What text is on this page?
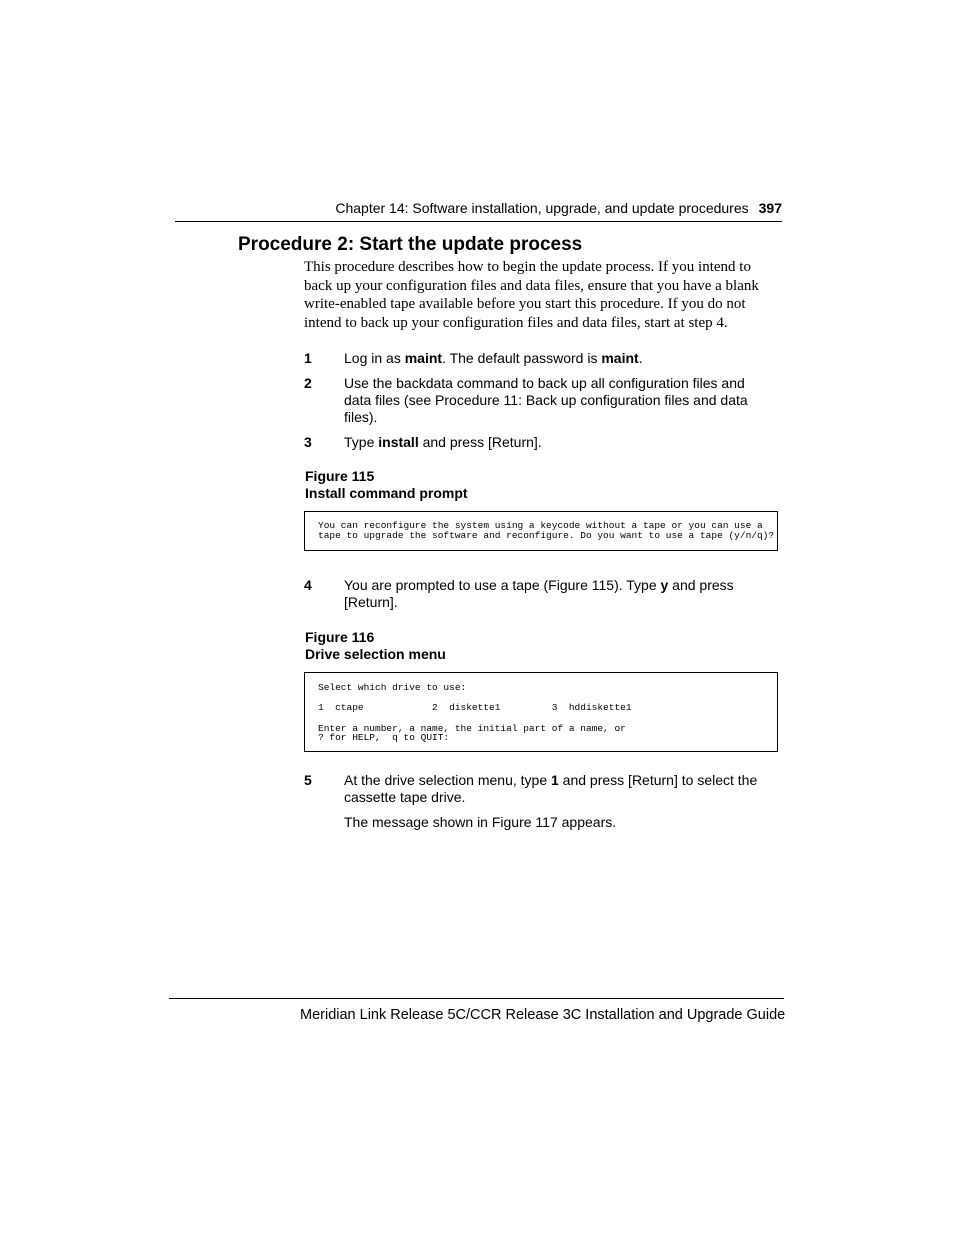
Chapter 14: Software installation, upgrade, and update procedures 397
Procedure 2: Start the update process
This procedure describes how to begin the update process. If you intend to back up your configuration files and data files, ensure that you have a blank write-enabled tape available before you start this procedure. If you do not intend to back up your configuration files and data files, start at step 4.
1 Log in as maint. The default password is maint.
2 Use the backdata command to back up all configuration files and data files (see Procedure 11: Back up configuration files and data files).
3 Type install and press [Return].
Figure 115
Install command prompt
You can reconfigure the system using a keycode without a tape or you can use a
tape to upgrade the software and reconfigure. Do you want to use a tape (y/n/q)?
4 You are prompted to use a tape (Figure 115). Type y and press [Return].
Figure 116
Drive selection menu
Select which drive to use:
1  ctape            2  diskette1         3  hddiskette1
Enter a number, a name, the initial part of a name, or
? for HELP,  q to QUIT:
5 At the drive selection menu, type 1 and press [Return] to select the cassette tape drive.
The message shown in Figure 117 appears.
Meridian Link Release 5C/CCR Release 3C Installation and Upgrade Guide
